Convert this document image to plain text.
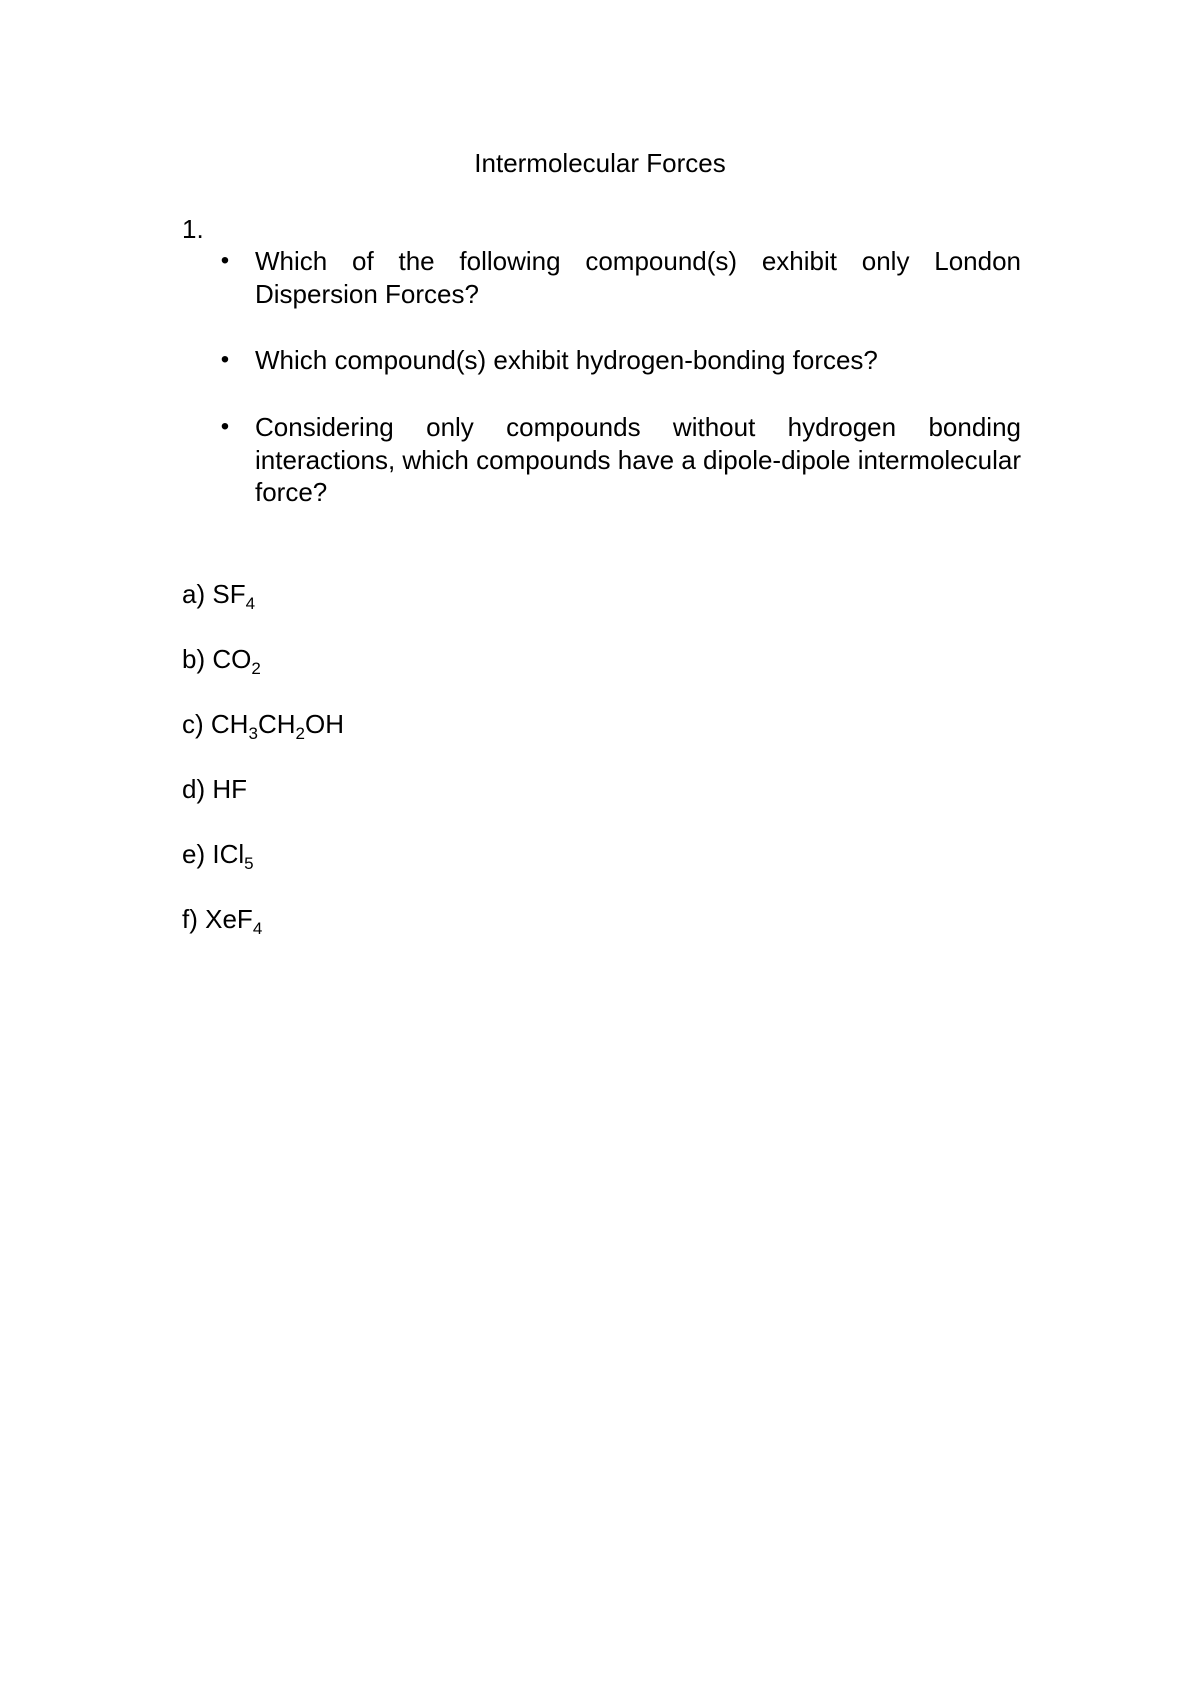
Intermolecular Forces
1.
• Which of the following compound(s) exhibit only London Dispersion Forces?
• Which compound(s) exhibit hydrogen-bonding forces?
• Considering only compounds without hydrogen bonding interactions, which compounds have a dipole-dipole intermolecular force?
a) $SF_4$
b) $CO_2$
c) $CH_3CH_2OH$
d) HF
e) ICl$_5$
f) XeF$_4$
